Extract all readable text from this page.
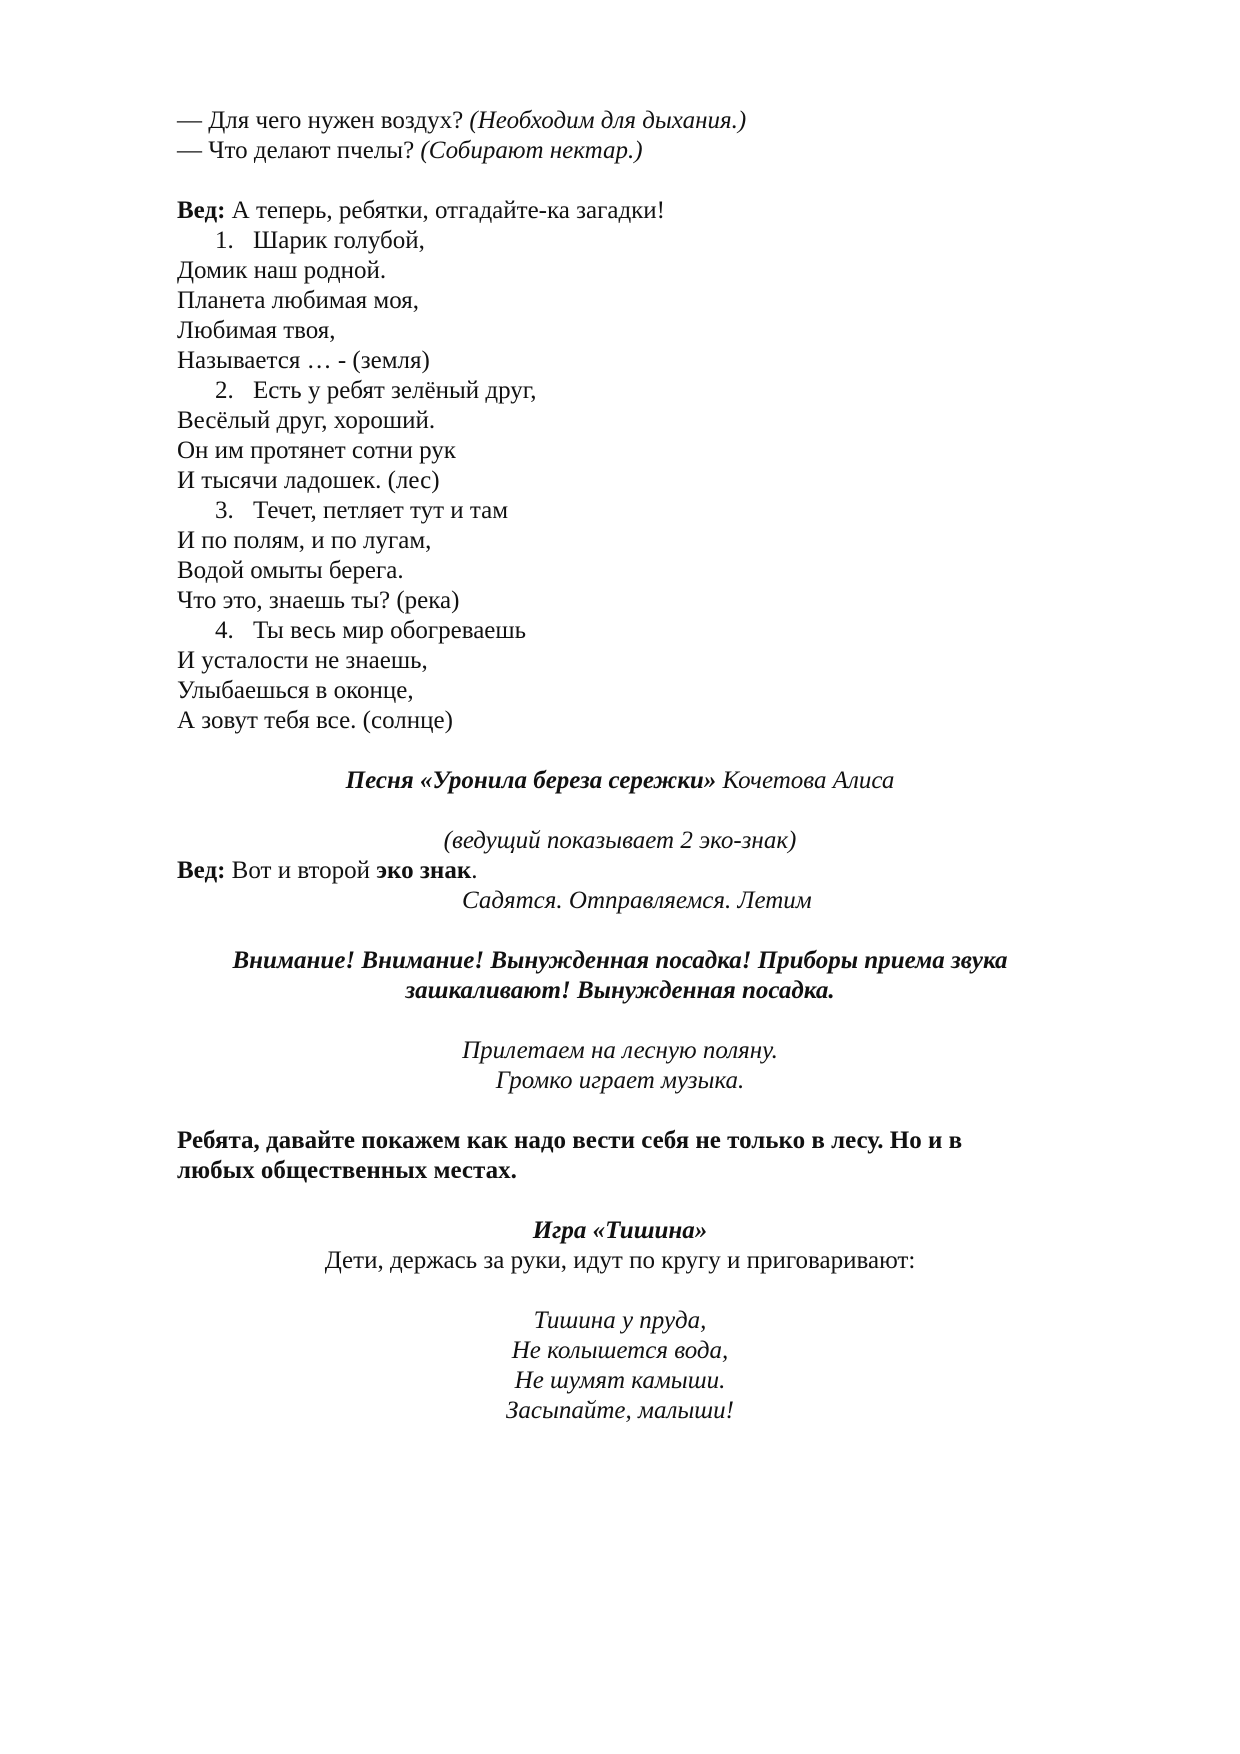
— Для чего нужен воздух? (Необходим для дыхания.)
— Что делают пчелы? (Собирают нектар.)
Вед: А теперь, ребятки, отгадайте-ка загадки!
1. Шарик голубой,
Домик наш родной.
Планета любимая моя,
Любимая твоя,
Называется … - (земля)
2. Есть у ребят зелёный друг,
Весёлый друг, хороший.
Он им протянет сотни рук
И тысячи ладошек. (лес)
3. Течет, петляет тут и там
И по полям, и по лугам,
Водой омыты берега.
Что это, знаешь ты? (река)
4. Ты весь мир обогреваешь
И усталости не знаешь,
Улыбаешься в оконце,
А зовут тебя все. (солнце)
Песня «Уронила береза сережки» Кочетова Алиса
(ведущий показывает 2 эко-знак)
Вед: Вот и второй эко знак.
Садятся. Отправляемся. Летим
Внимание! Внимание! Вынужденная посадка! Приборы приема звука
зашкаливают! Вынужденная посадка.
Прилетаем на лесную поляну.
Громко играет музыка.
Ребята, давайте покажем как надо вести себя не только в лесу. Но и в
любых общественных местах.
Игра «Тишина»
Дети, держась за руки, идут по кругу и приговаривают:
Тишина у пруда,
Не колышется вода,
Не шумят камыши.
Засыпайте, малыши!
